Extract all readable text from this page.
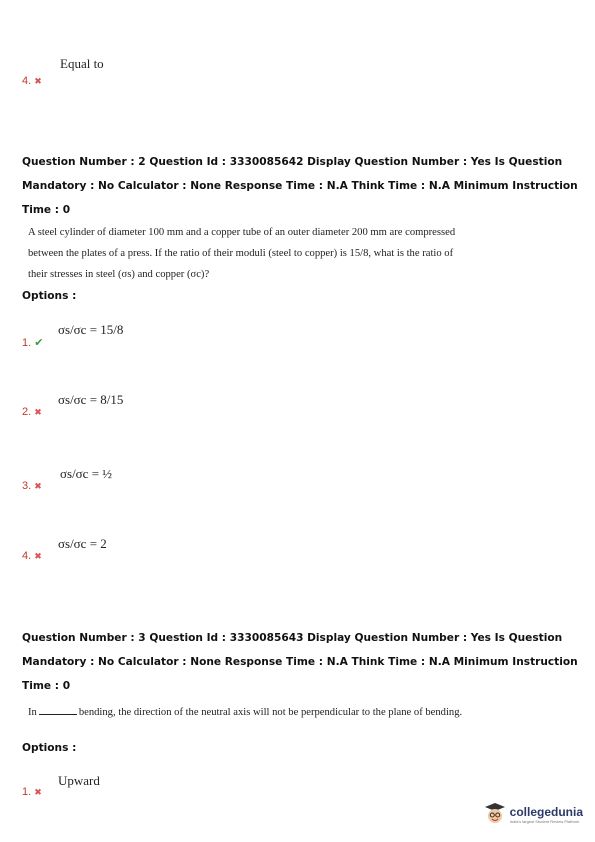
Equal to
4. ✖
Question Number : 2 Question Id : 3330085642 Display Question Number : Yes Is Question
Mandatory : No Calculator : None Response Time : N.A Think Time : N.A Minimum Instruction
Time : 0
A steel cylinder of diameter 100 mm and a copper tube of an outer diameter 200 mm are compressed
between the plates of a press. If the ratio of their moduli (steel to copper) is 15/8, what is the ratio of
their stresses in steel (σs) and copper (σc)?
Options :
σs/σc = 15/8
1. ✔
σs/σc = 8/15
2. ✖
σs/σc = ½
3. ✖
σs/σc = 2
4. ✖
Question Number : 3 Question Id : 3330085643 Display Question Number : Yes Is Question
Mandatory : No Calculator : None Response Time : N.A Think Time : N.A Minimum Instruction
Time : 0
In	bending, the direction of the neutral axis will not be perpendicular to the plane of bending.
Options :
Upward
1. ✖
collegedunia
India's largest Student Review Platform
